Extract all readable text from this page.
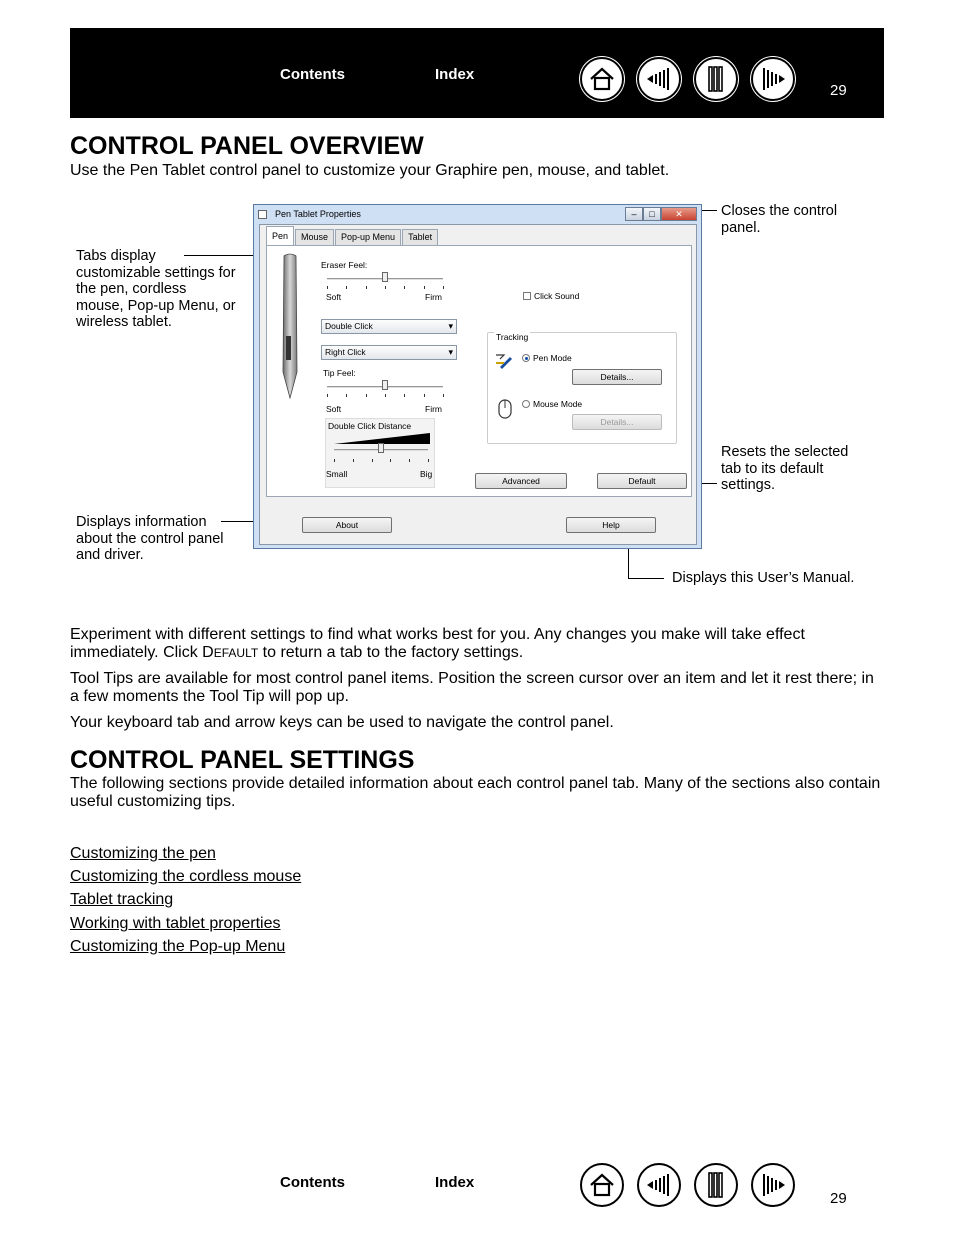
Contents	Index
29
CONTROL PANEL OVERVIEW

Use the Pen Tablet control panel to customize your Graphire pen, mouse, and tablet.

Tabs display customizable settings for the pen, cordless mouse, Pop-up Menu, or wireless tablet.

Displays information about the control panel and driver.

Closes the control panel.

Resets the selected tab to its default settings.

Displays this User’s Manual.

Pen Tablet Properties	– □ ✕
Pen	Mouse	Pop-up Menu	Tablet
Eraser Feel:
Soft	Firm	Click Sound
Double Click ▾
Right Click ▾
Tip Feel:
Soft	Firm
Double Click Distance
Small	Big
Tracking
Pen Mode
Details...
Mouse Mode
Details...
Advanced	Default
About	Help

Experiment with different settings to find what works best for you. Any changes you make will take effect immediately. Click DEFAULT to return a tab to the factory settings.

Tool Tips are available for most control panel items. Position the screen cursor over an item and let it rest there; in a few moments the Tool Tip will pop up.

Your keyboard tab and arrow keys can be used to navigate the control panel.

CONTROL PANEL SETTINGS

The following sections provide detailed information about each control panel tab. Many of the sections also contain useful customizing tips.

Customizing the pen
Customizing the cordless mouse
Tablet tracking
Working with tablet properties
Customizing the Pop-up Menu
Contents	Index
29
